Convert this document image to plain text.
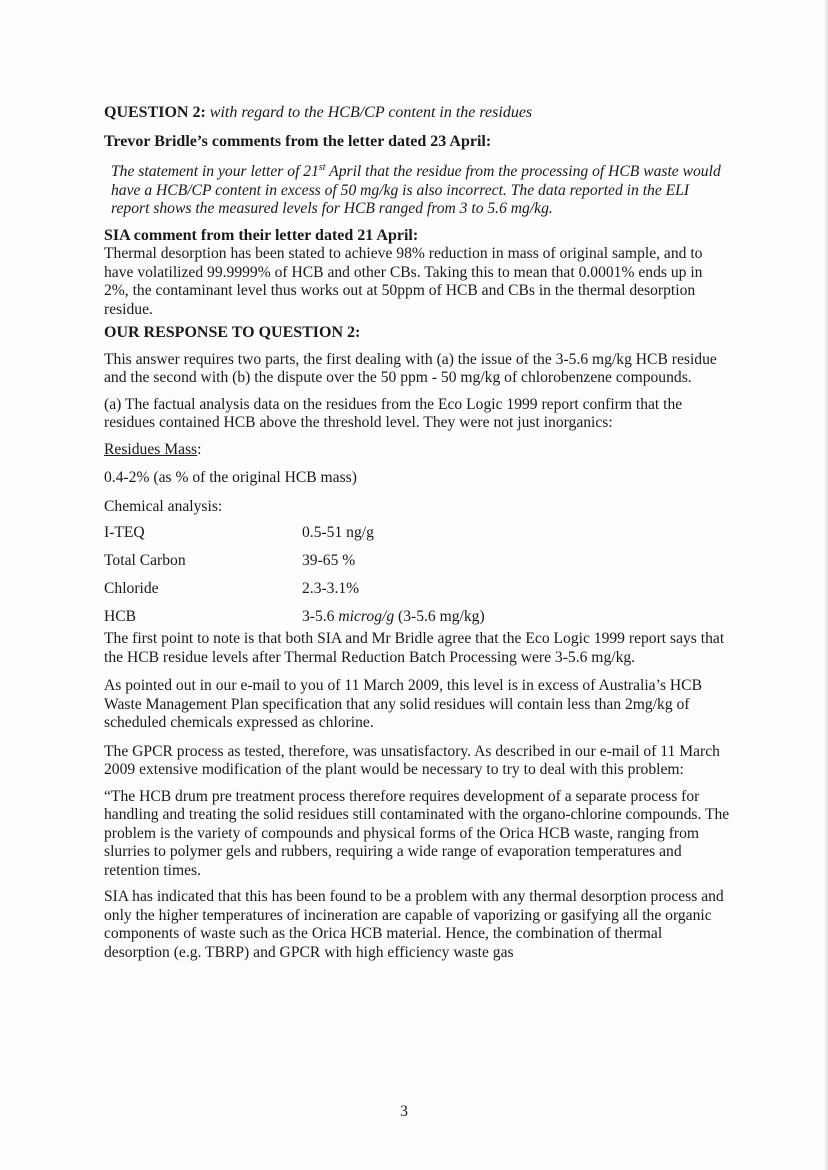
QUESTION 2: with regard to the HCB/CP content in the residues

Trevor Bridle’s comments from the letter dated 23 April:

The statement in your letter of 21st April that the residue from the processing of HCB waste would have a HCB/CP content in excess of 50 mg/kg is also incorrect. The data reported in the ELI report shows the measured levels for HCB ranged from 3 to 5.6 mg/kg.

SIA comment from their letter dated 21 April:

Thermal desorption has been stated to achieve 98% reduction in mass of original sample, and to have volatilized 99.9999% of HCB and other CBs. Taking this to mean that 0.0001% ends up in 2%, the contaminant level thus works out at 50ppm of HCB and CBs in the thermal desorption residue.

OUR RESPONSE TO QUESTION 2:

This answer requires two parts, the first dealing with (a) the issue of the 3-5.6 mg/kg HCB residue and the second with (b) the dispute over the 50 ppm - 50 mg/kg of chlorobenzene compounds.

(a) The factual analysis data on the residues from the Eco Logic 1999 report confirm that the residues contained HCB above the threshold level. They were not just inorganics:

Residues Mass:

0.4-2% (as % of the original HCB mass)

Chemical analysis:

I-TEQ	0.5-51 ng/g
Total Carbon	39-65 %
Chloride	2.3-3.1%
HCB	3-5.6 microg/g (3-5.6 mg/kg)

The first point to note is that both SIA and Mr Bridle agree that the Eco Logic 1999 report says that the HCB residue levels after Thermal Reduction Batch Processing were 3-5.6 mg/kg.

As pointed out in our e-mail to you of 11 March 2009, this level is in excess of Australia’s HCB Waste Management Plan specification that any solid residues will contain less than 2mg/kg of scheduled chemicals expressed as chlorine.

The GPCR process as tested, therefore, was unsatisfactory. As described in our e-mail of 11 March 2009 extensive modification of the plant would be necessary to try to deal with this problem:

“The HCB drum pre treatment process therefore requires development of a separate process for handling and treating the solid residues still contaminated with the organo-chlorine compounds. The problem is the variety of compounds and physical forms of the Orica HCB waste, ranging from slurries to polymer gels and rubbers, requiring a wide range of evaporation temperatures and retention times.

SIA has indicated that this has been found to be a problem with any thermal desorption process and only the higher temperatures of incineration are capable of vaporizing or gasifying all the organic components of waste such as the Orica HCB material. Hence, the combination of thermal desorption (e.g. TBRP) and GPCR with high efficiency waste gas

3
